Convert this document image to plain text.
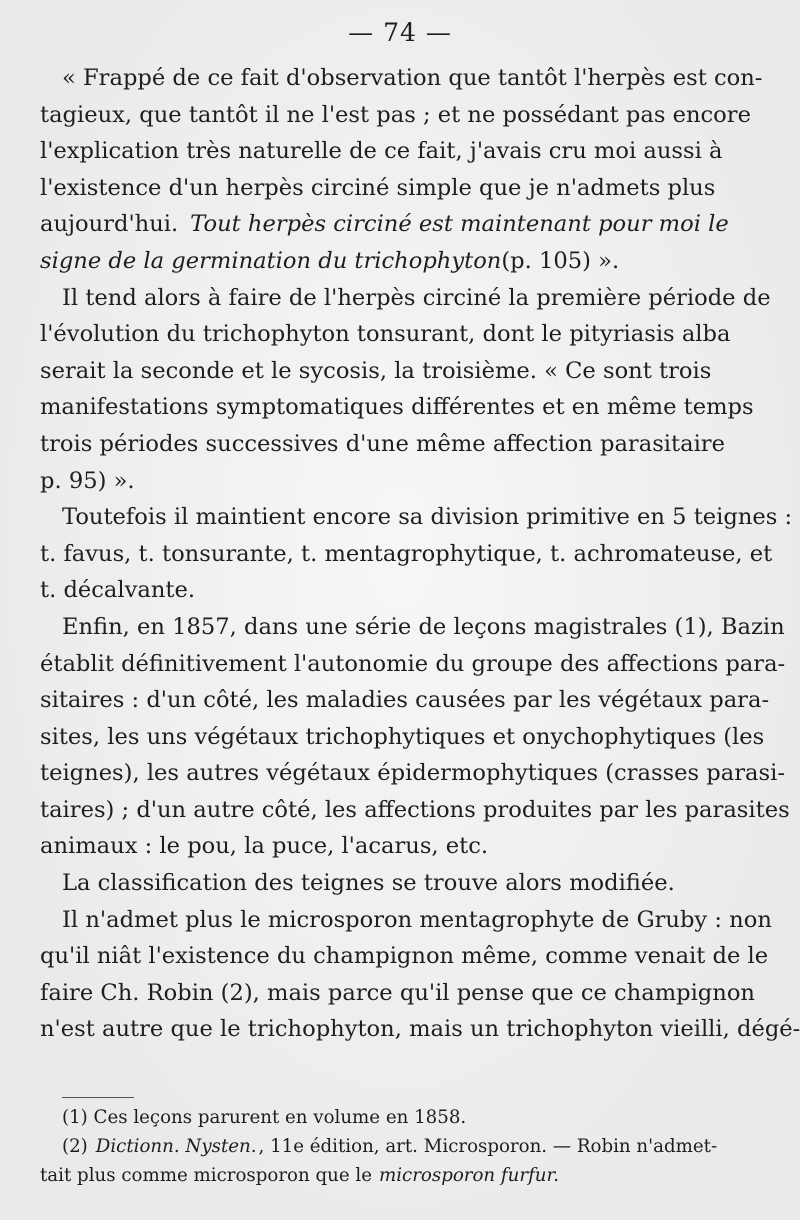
— 74 —
« Frappé de ce fait d'observation que tantôt l'herpès est con-
tagieux, que tantôt il ne l'est pas ; et ne possédant pas encore
l'explication très naturelle de ce fait, j'avais cru moi aussi à
l'existence d'un herpès circiné simple que je n'admets plus
aujourd'hui. Tout herpès circiné est maintenant pour moi le
signe de la germination du trichophyton (p. 105) ».
Il tend alors à faire de l'herpès circiné la première période de
l'évolution du trichophyton tonsurant, dont le pityriasis alba
serait la seconde et le sycosis, la troisième. « Ce sont trois
manifestations symptomatiques différentes et en même temps
trois périodes successives d'une même affection parasitaire
p. 95) ».
Toutefois il maintient encore sa division primitive en 5 teignes :
t. favus, t. tonsurante, t. mentagrophytique, t. achromateuse, et
t. décalvante.
Enfin, en 1857, dans une série de leçons magistrales (1), Bazin
établit définitivement l'autonomie du groupe des affections para-
sitaires : d'un côté, les maladies causées par les végétaux para-
sites, les uns végétaux trichophytiques et onychophytiques (les
teignes), les autres végétaux épidermophytiques (crasses parasi-
taires) ; d'un autre côté, les affections produites par les parasites
animaux : le pou, la puce, l'acarus, etc.
La classification des teignes se trouve alors modifiée.
Il n'admet plus le microsporon mentagrophyte de Gruby : non
qu'il niât l'existence du champignon même, comme venait de le
faire Ch. Robin (2), mais parce qu'il pense que ce champignon
n'est autre que le trichophyton, mais un trichophyton vieilli, dégé-
(1) Ces leçons parurent en volume en 1858.
(2) Dictionn. Nysten. , 11e édition, art. Microsporon. — Robin n'admet-
tait plus comme microsporon que le microsporon furfur.
